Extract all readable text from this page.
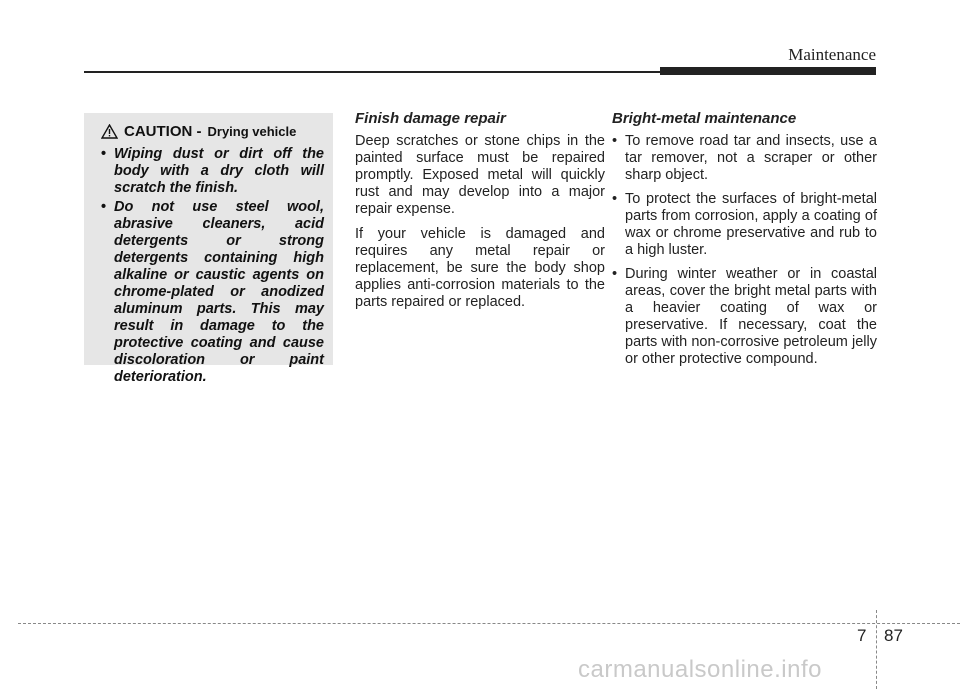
Maintenance
CAUTION - Drying vehicle
• Wiping dust or dirt off the body with a dry cloth will scratch the finish.
• Do not use steel wool, abrasive cleaners, acid detergents or strong detergents containing high alkaline or caustic agents on chrome-plated or anodized aluminum parts. This may result in damage to the protective coating and cause discoloration or paint deterioration.
Finish damage repair

Deep scratches or stone chips in the painted surface must be repaired promptly. Exposed metal will quickly rust and may develop into a major repair expense.

If your vehicle is damaged and requires any metal repair or replacement, be sure the body shop applies anti-corrosion materials to the parts repaired or replaced.

Bright-metal maintenance
• To remove road tar and insects, use a tar remover, not a scraper or other sharp object.
• To protect the surfaces of bright-metal parts from corrosion, apply a coating of wax or chrome preservative and rub to a high luster.
• During winter weather or in coastal areas, cover the bright metal parts with a heavier coating of wax or preservative. If necessary, coat the parts with non-corrosive petroleum jelly or other protective compound.
7 87
carmanualsonline.info
